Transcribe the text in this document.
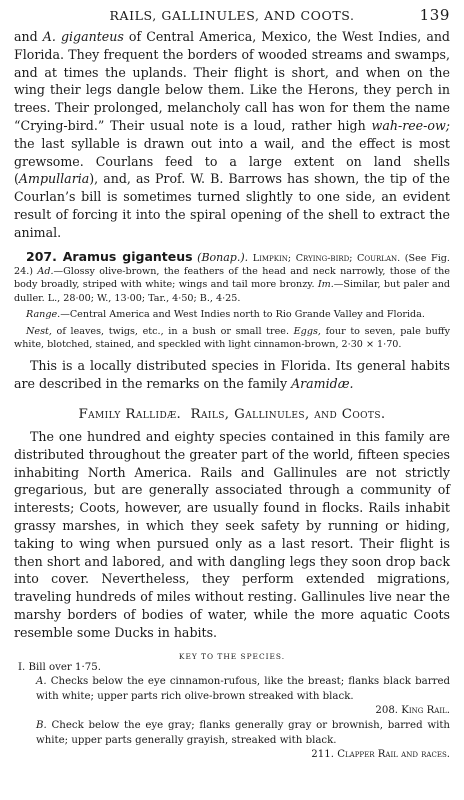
RAILS, GALLINULES, AND COOTS.	139

and A. giganteus of Central America, Mexico, the West Indies, and Florida. They frequent the borders of wooded streams and swamps, and at times the uplands. Their flight is short, and when on the wing their legs dangle below them. Like the Herons, they perch in trees. Their prolonged, melancholy call has won for them the name “Crying-bird.” Their usual note is a loud, rather high wah-ree-ow; the last syllable is drawn out into a wail, and the effect is most grewsome. Courlans feed to a large extent on land shells (Ampullaria), and, as Prof. W. B. Barrows has shown, the tip of the Courlan’s bill is sometimes turned slightly to one side, an evident result of forcing it into the spiral opening of the shell to extract the animal.

207. Aramus giganteus (Bonap.). Limpkin; Crying-bird; Courlan. (See Fig. 24.) Ad.—Glossy olive-brown, the feathers of the head and neck narrowly, those of the body broadly, striped with white; wings and tail more bronzy. Im.—Similar, but paler and duller. L., 28·00; W., 13·00; Tar., 4·50; B., 4·25.

Range.—Central America and West Indies north to Rio Grande Valley and Florida.

Nest, of leaves, twigs, etc., in a bush or small tree. Eggs, four to seven, pale buffy white, blotched, stained, and speckled with light cinnamon-brown, 2·30 × 1·70.

This is a locally distributed species in Florida. Its general habits are described in the remarks on the family Aramidæ.

Family Rallidæ. Rails, Gallinules, and Coots.

The one hundred and eighty species contained in this family are distributed throughout the greater part of the world, fifteen species inhabiting North America. Rails and Gallinules are not strictly gregarious, but are generally associated through a community of interests; Coots, however, are usually found in flocks. Rails inhabit grassy marshes, in which they seek safety by running or hiding, taking to wing when pursued only as a last resort. Their flight is then short and labored, and with dangling legs they soon drop back into cover. Nevertheless, they perform extended migrations, traveling hundreds of miles without resting. Gallinules live near the marshy borders of bodies of water, while the more aquatic Coots resemble some Ducks in habits.

KEY TO THE SPECIES.
I. Bill over 1·75.
A. Checks below the eye cinnamon-rufous, like the breast; flanks black barred with white; upper parts rich olive-brown streaked with black.
208. King Rail.
B. Check below the eye gray; flanks generally gray or brownish, barred with white; upper parts generally grayish, streaked with black.
211. Clapper Rail and races.
